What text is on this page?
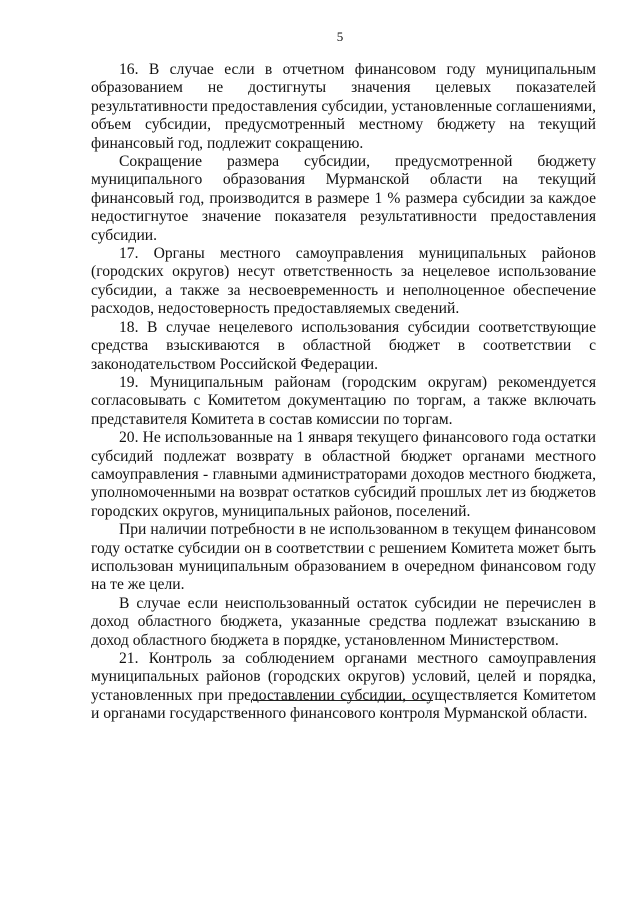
5

16. В случае если в отчетном финансовом году муниципальным образованием не достигнуты значения целевых показателей результативности предоставления субсидии, установленные соглашениями, объем субсидии, предусмотренный местному бюджету на текущий финансовый год, подлежит сокращению.

Сокращение размера субсидии, предусмотренной бюджету муниципального образования Мурманской области на текущий финансовый год, производится в размере 1 % размера субсидии за каждое недостигнутое значение показателя результативности предоставления субсидии.

17. Органы местного самоуправления муниципальных районов (городских округов) несут ответственность за нецелевое использование субсидии, а также за несвоевременность и неполноценное обеспечение расходов, недостоверность предоставляемых сведений.

18. В случае нецелевого использования субсидии соответствующие средства взыскиваются в областной бюджет в соответствии с законодательством Российской Федерации.

19. Муниципальным районам (городским округам) рекомендуется согласовывать с Комитетом документацию по торгам, а также включать представителя Комитета в состав комиссии по торгам.

20. Не использованные на 1 января текущего финансового года остатки субсидий подлежат возврату в областной бюджет органами местного самоуправления - главными администраторами доходов местного бюджета, уполномоченными на возврат остатков субсидий прошлых лет из бюджетов городских округов, муниципальных районов, поселений.

При наличии потребности в не использованном в текущем финансовом году остатке субсидии он в соответствии с решением Комитета может быть использован муниципальным образованием в очередном финансовом году на те же цели.

В случае если неиспользованный остаток субсидии не перечислен в доход областного бюджета, указанные средства подлежат взысканию в доход областного бюджета в порядке, установленном Министерством.

21. Контроль за соблюдением органами местного самоуправления муниципальных районов (городских округов) условий, целей и порядка, установленных при предоставлении субсидии, осуществляется Комитетом и органами государственного финансового контроля Мурманской области.
